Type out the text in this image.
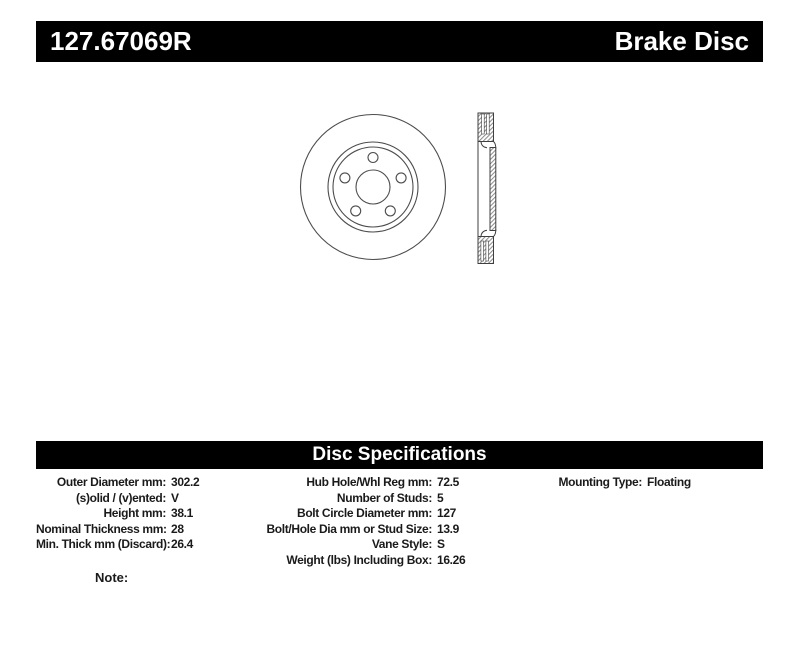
127.67069R	Brake Disc
Disc Specifications
Outer Diameter mm: 302.2
(s)olid / (v)ented: V
Height mm: 38.1
Nominal Thickness mm: 28
Min. Thick mm (Discard): 26.4
Hub Hole/Whl Reg mm: 72.5
Number of Studs: 5
Bolt Circle Diameter mm: 127
Bolt/Hole Dia mm or Stud Size: 13.9
Vane Style: S
Weight (lbs) Including Box: 16.26
Mounting Type: Floating
Note:
